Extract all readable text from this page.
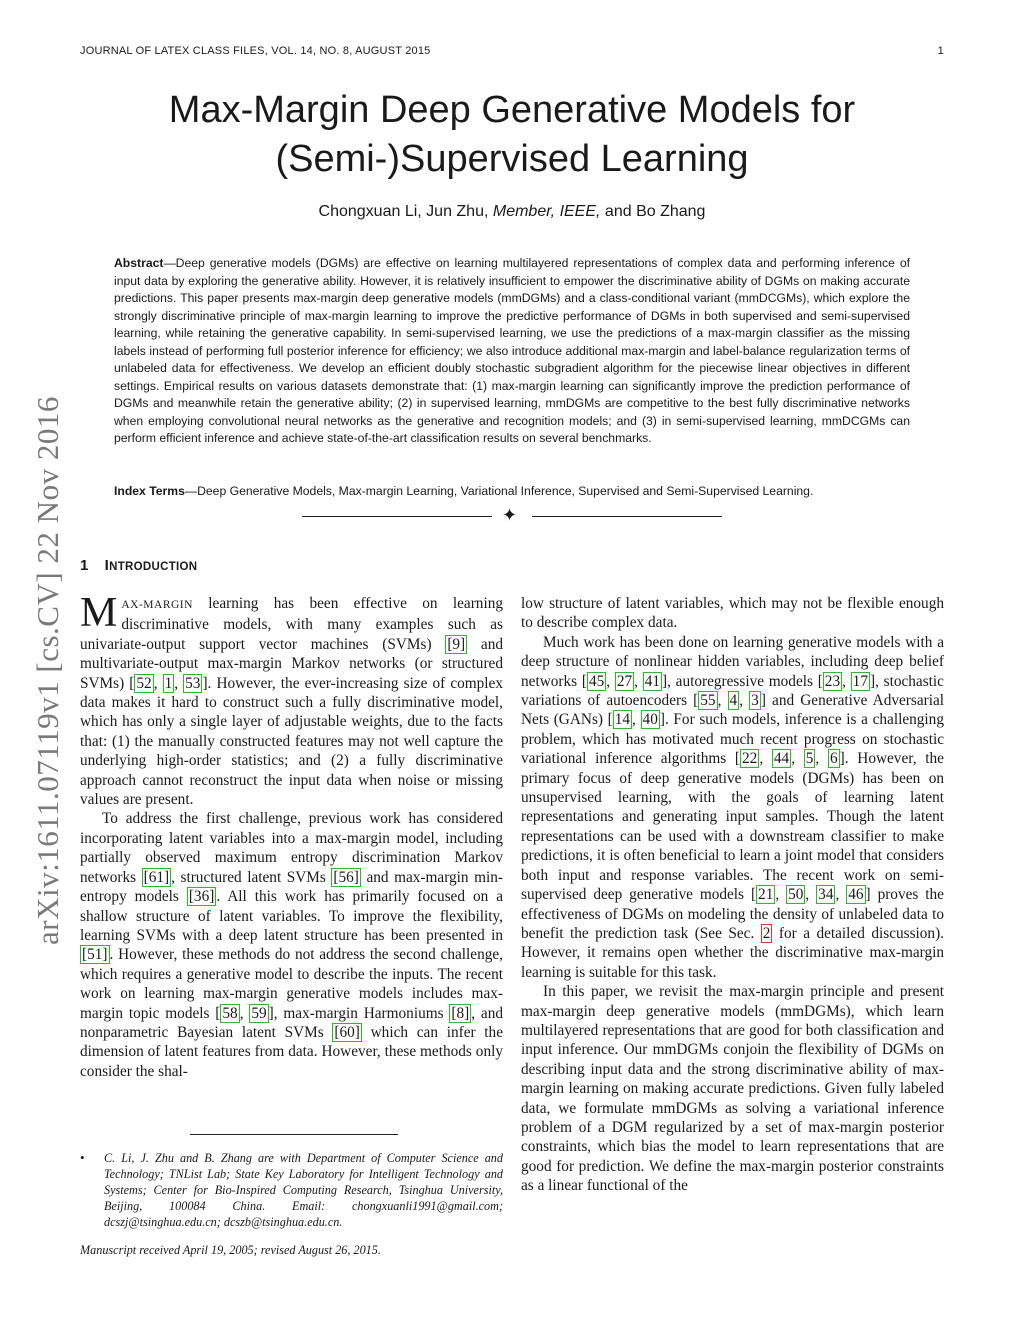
JOURNAL OF LATEX CLASS FILES, VOL. 14, NO. 8, AUGUST 2015	1
arXiv:1611.07119v1 [cs.CV] 22 Nov 2016
Max-Margin Deep Generative Models for
(Semi-)Supervised Learning
Chongxuan Li, Jun Zhu, Member, IEEE, and Bo Zhang
Abstract—Deep generative models (DGMs) are effective on learning multilayered representations of complex data and performing inference of input data by exploring the generative ability. However, it is relatively insufficient to empower the discriminative ability of DGMs on making accurate predictions. This paper presents max-margin deep generative models (mmDGMs) and a class-conditional variant (mmDCGMs), which explore the strongly discriminative principle of max-margin learning to improve the predictive performance of DGMs in both supervised and semi-supervised learning, while retaining the generative capability. In semi-supervised learning, we use the predictions of a max-margin classifier as the missing labels instead of performing full posterior inference for efficiency; we also introduce additional max-margin and label-balance regularization terms of unlabeled data for effectiveness. We develop an efficient doubly stochastic subgradient algorithm for the piecewise linear objectives in different settings. Empirical results on various datasets demonstrate that: (1) max-margin learning can significantly improve the prediction performance of DGMs and meanwhile retain the generative ability; (2) in supervised learning, mmDGMs are competitive to the best fully discriminative networks when employing convolutional neural networks as the generative and recognition models; and (3) in semi-supervised learning, mmDCGMs can perform efficient inference and achieve state-of-the-art classification results on several benchmarks.
Index Terms—Deep Generative Models, Max-margin Learning, Variational Inference, Supervised and Semi-Supervised Learning.
✦
1 INTRODUCTION

MAX-MARGIN learning has been effective on learning discriminative models, with many examples such as univariate-output support vector machines (SVMs) [9] and multivariate-output max-margin Markov networks (or structured SVMs) [ 52 , 1 , 53 ]. However, the ever-increasing size of complex data makes it hard to construct such a fully discriminative model, which has only a single layer of adjustable weights, due to the facts that: (1) the manually constructed features may not well capture the underlying high-order statistics; and (2) a fully discriminative approach cannot reconstruct the input data when noise or missing values are present.

To address the first challenge, previous work has considered incorporating latent variables into a max-margin model, including partially observed maximum entropy discrimination Markov networks [61] , structured latent SVMs [56] and max-margin min-entropy models [36] . All this work has primarily focused on a shallow structure of latent variables. To improve the flexibility, learning SVMs with a deep latent structure has been presented in [51] . However, these methods do not address the second challenge, which requires a generative model to describe the inputs. The recent work on learning max-margin generative models includes max-margin topic models [ 58 , 59 ], max-margin Harmoniums [8] , and nonparametric Bayesian latent SVMs [60] which can infer the dimension of latent features from data. However, these methods only consider the shal-

low structure of latent variables, which may not be flexible enough to describe complex data.

Much work has been done on learning generative models with a deep structure of nonlinear hidden variables, including deep belief networks [ 45 , 27 , 41 ], autoregressive models [ 23 , 17 ], stochastic variations of autoencoders [ 55 , 4 , 3 ] and Generative Adversarial Nets (GANs) [ 14 , 40 ]. For such models, inference is a challenging problem, which has motivated much recent progress on stochastic variational inference algorithms [ 22 , 44 , 5 , 6 ]. However, the primary focus of deep generative models (DGMs) has been on unsupervised learning, with the goals of learning latent representations and generating input samples. Though the latent representations can be used with a downstream classifier to make predictions, it is often beneficial to learn a joint model that considers both input and response variables. The recent work on semi-supervised deep generative models [ 21 , 50 , 34 , 46 ] proves the effectiveness of DGMs on modeling the density of unlabeled data to benefit the prediction task (See Sec. 2 for a detailed discussion). However, it remains open whether the discriminative max-margin learning is suitable for this task.

In this paper, we revisit the max-margin principle and present max-margin deep generative models (mmDGMs), which learn multilayered representations that are good for both classification and input inference. Our mmDGMs conjoin the flexibility of DGMs on describing input data and the strong discriminative ability of max-margin learning on making accurate predictions. Given fully labeled data, we formulate mmDGMs as solving a variational inference problem of a DGM regularized by a set of max-margin posterior constraints, which bias the model to learn representations that are good for prediction. We define the max-margin posterior constraints as a linear functional of the

• C. Li, J. Zhu and B. Zhang are with Department of Computer Science and Technology; TNList Lab; State Key Laboratory for Intelligent Technology and Systems; Center for Bio-Inspired Computing Research, Tsinghua University, Beijing, 100084 China. Email: chongxuanli1991@gmail.com; dcszj@tsinghua.edu.cn; dcszb@tsinghua.edu.cn.

Manuscript received April 19, 2005; revised August 26, 2015.
